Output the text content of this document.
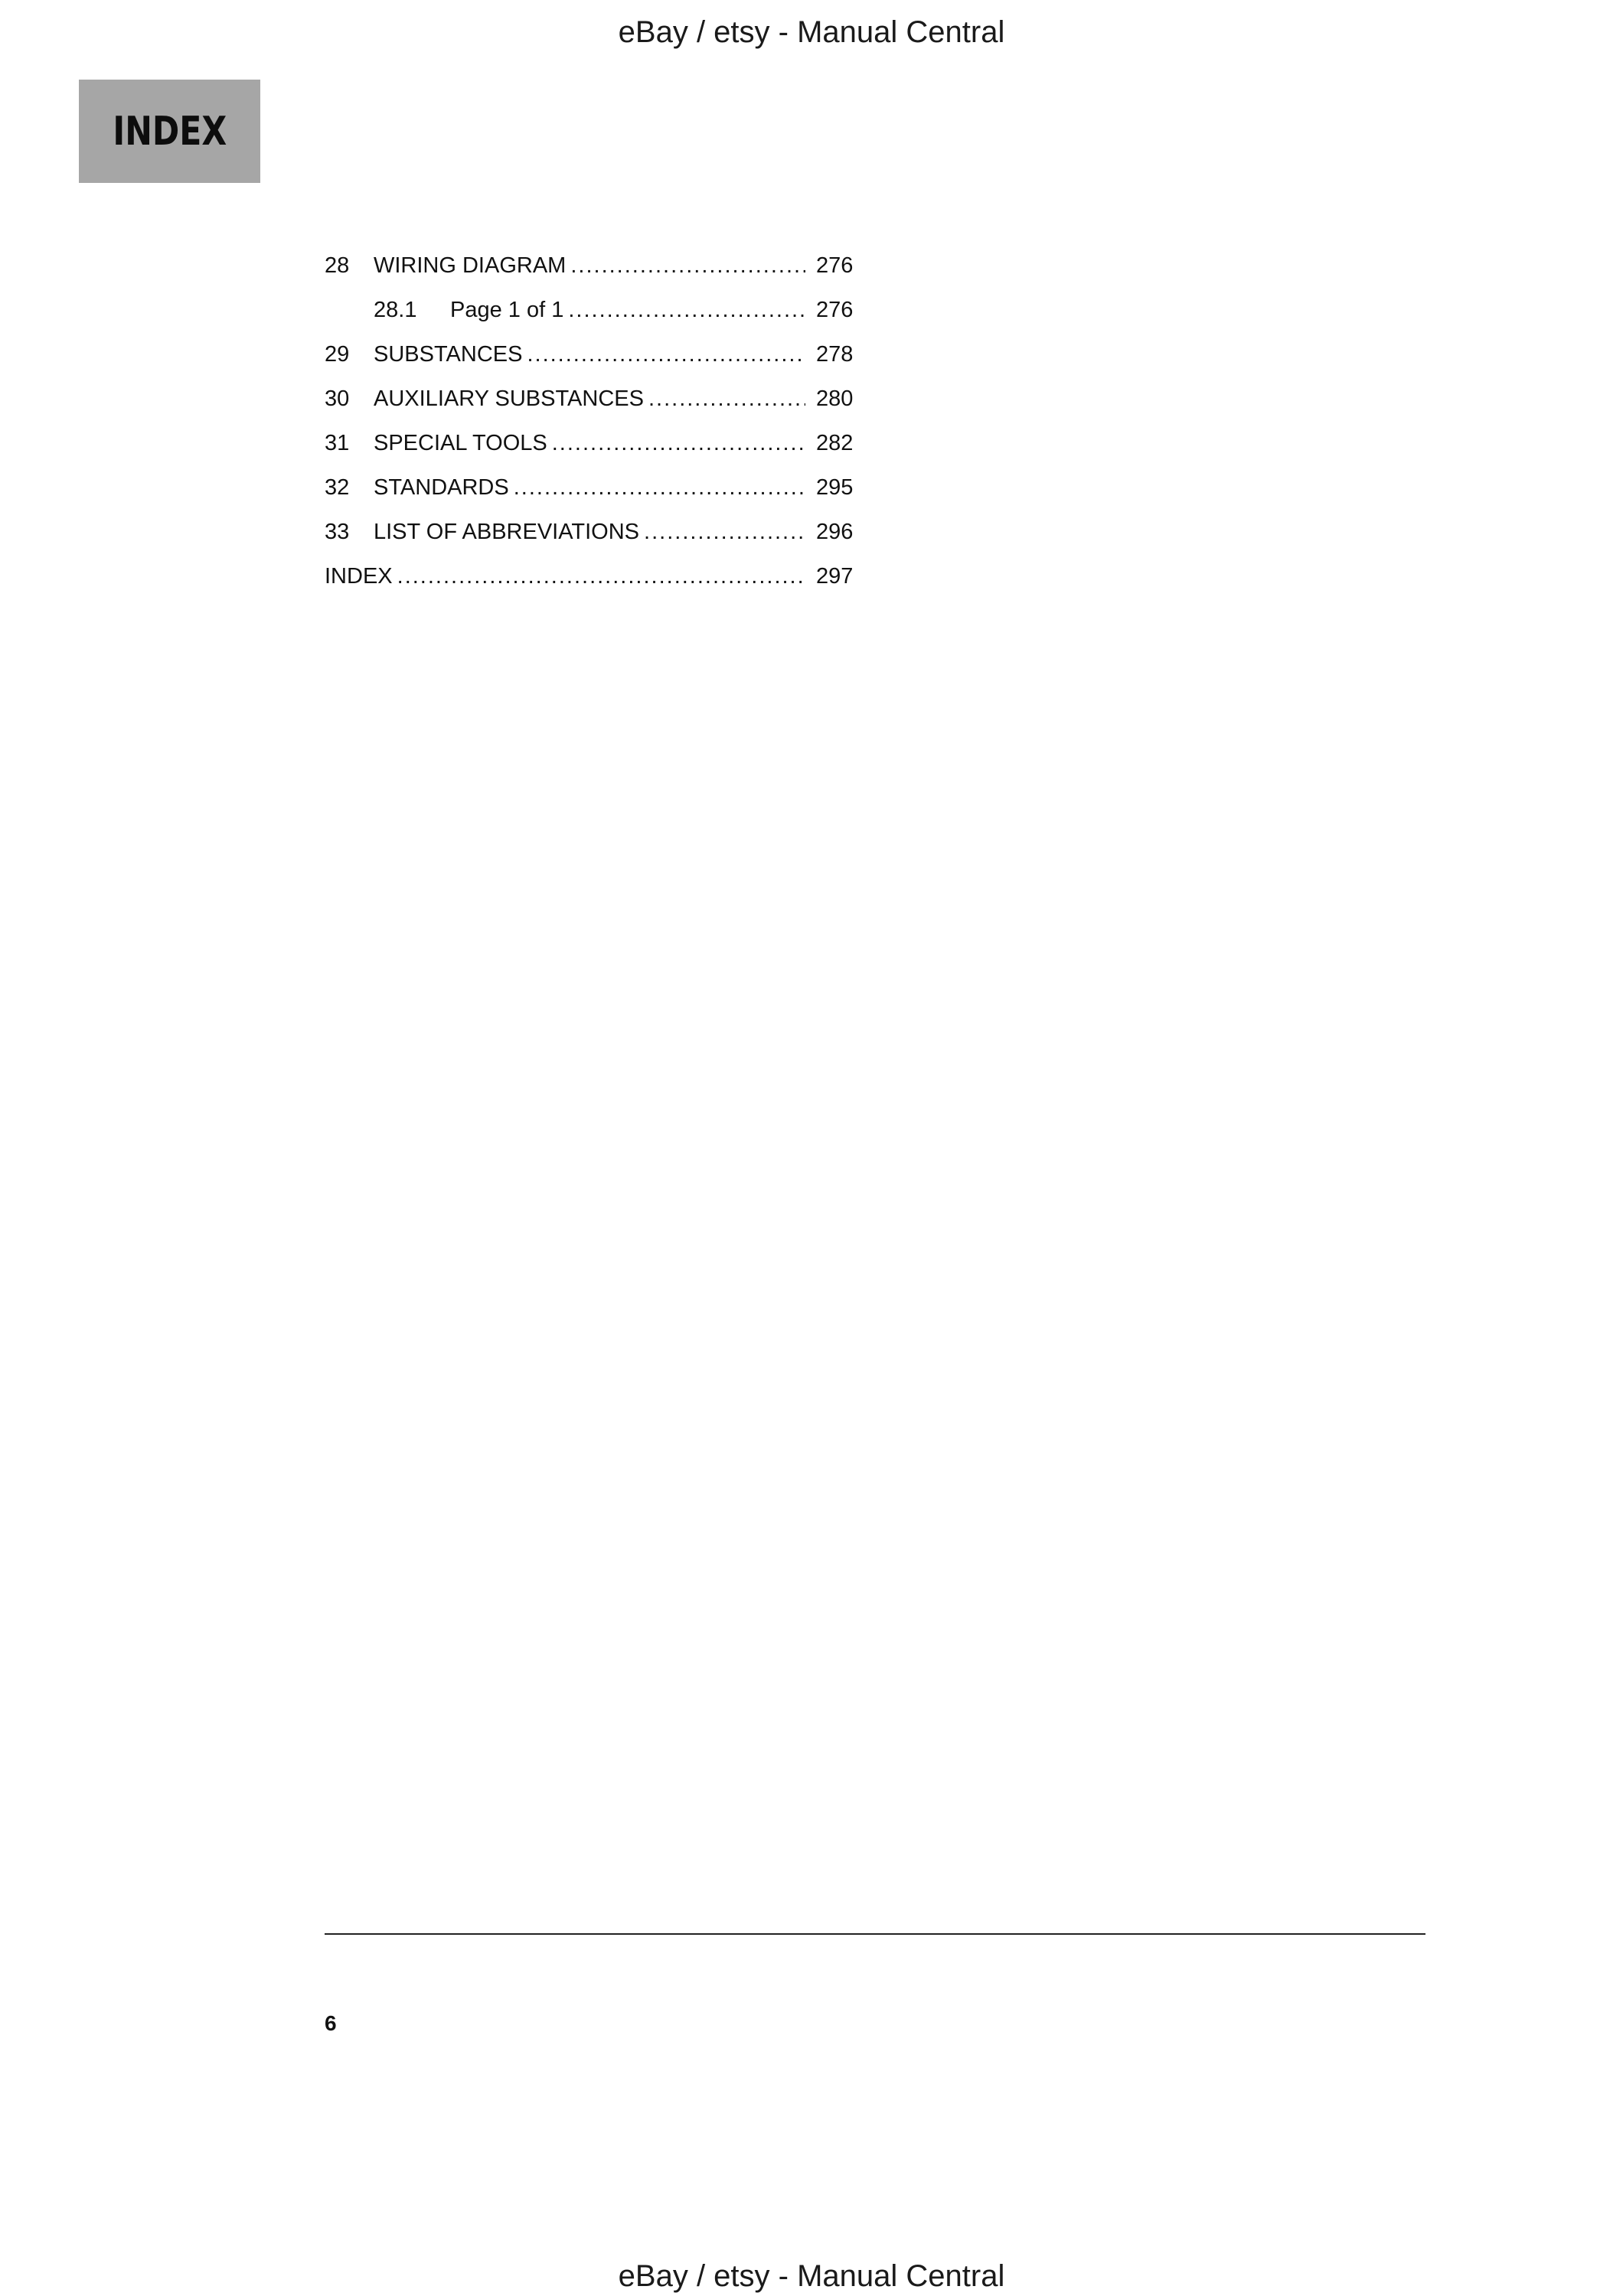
eBay / etsy - Manual Central
INDEX
28 WIRING DIAGRAM .....	276
28.1 Page 1 of 1 .....	276
29 SUBSTANCES .....	278
30 AUXILIARY SUBSTANCES .....	280
31 SPECIAL TOOLS .....	282
32 STANDARDS .....	295
33 LIST OF ABBREVIATIONS .....	296
INDEX .....	297
6
eBay / etsy - Manual Central
